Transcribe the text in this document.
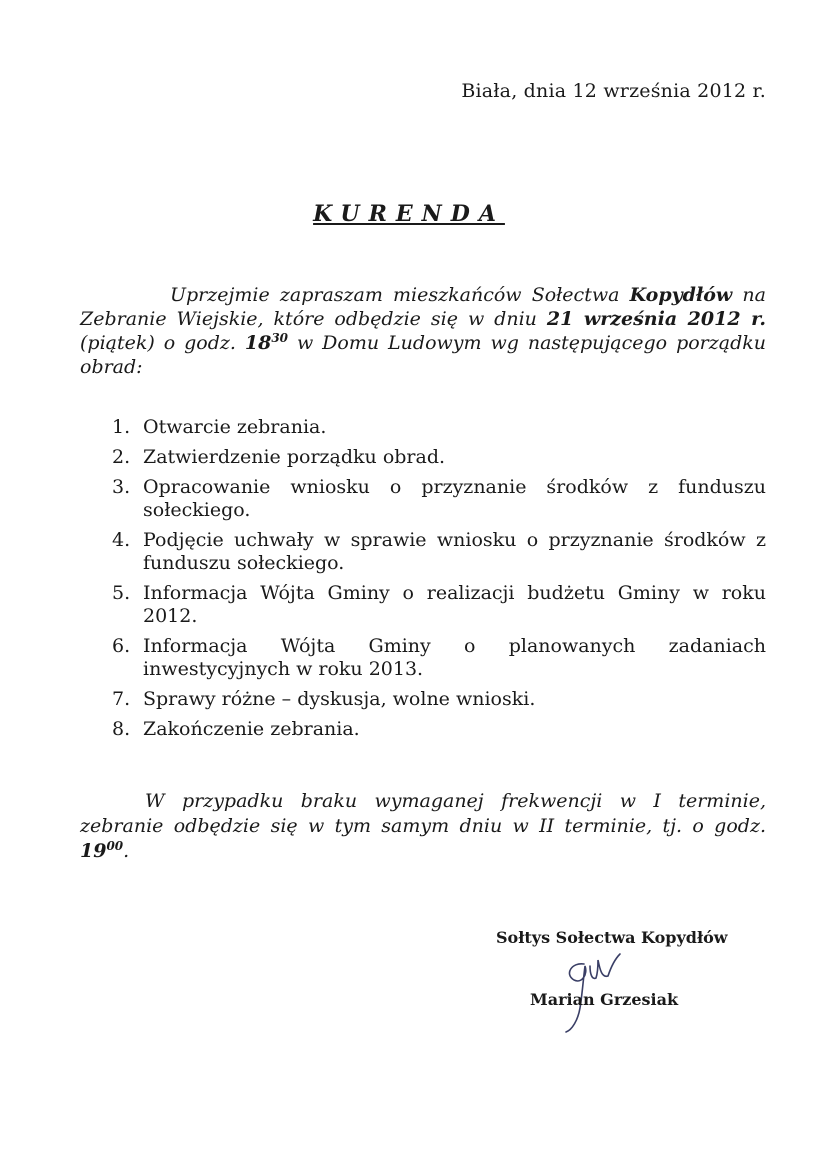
Biała, dnia 12 września 2012 r.
KURENDA

Uprzejmie zapraszam mieszkańców Sołectwa Kopydłów na Zebranie Wiejskie, które odbędzie się w dniu 21 września 2012 r. (piątek) o godz. $18^{30}$ w Domu Ludowym wg następującego porządku obrad:

1. Otwarcie zebrania.
2. Zatwierdzenie porządku obrad.
3. Opracowanie wniosku o przyznanie środków z funduszu sołeckiego.
4. Podjęcie uchwały w sprawie wniosku o przyznanie środków z funduszu sołeckiego.
5. Informacja Wójta Gminy o realizacji budżetu Gminy w roku 2012.
6. Informacja Wójta Gminy o planowanych zadaniach inwestycyjnych w roku 2013.
7. Sprawy różne – dyskusja, wolne wnioski.
8. Zakończenie zebrania.

W przypadku braku wymaganej frekwencji w I terminie, zebranie odbędzie się w tym samym dniu w II terminie, tj. o godz. $19^{00}$.

Sołtys Sołectwa Kopydłów
Marian Grzesiak
